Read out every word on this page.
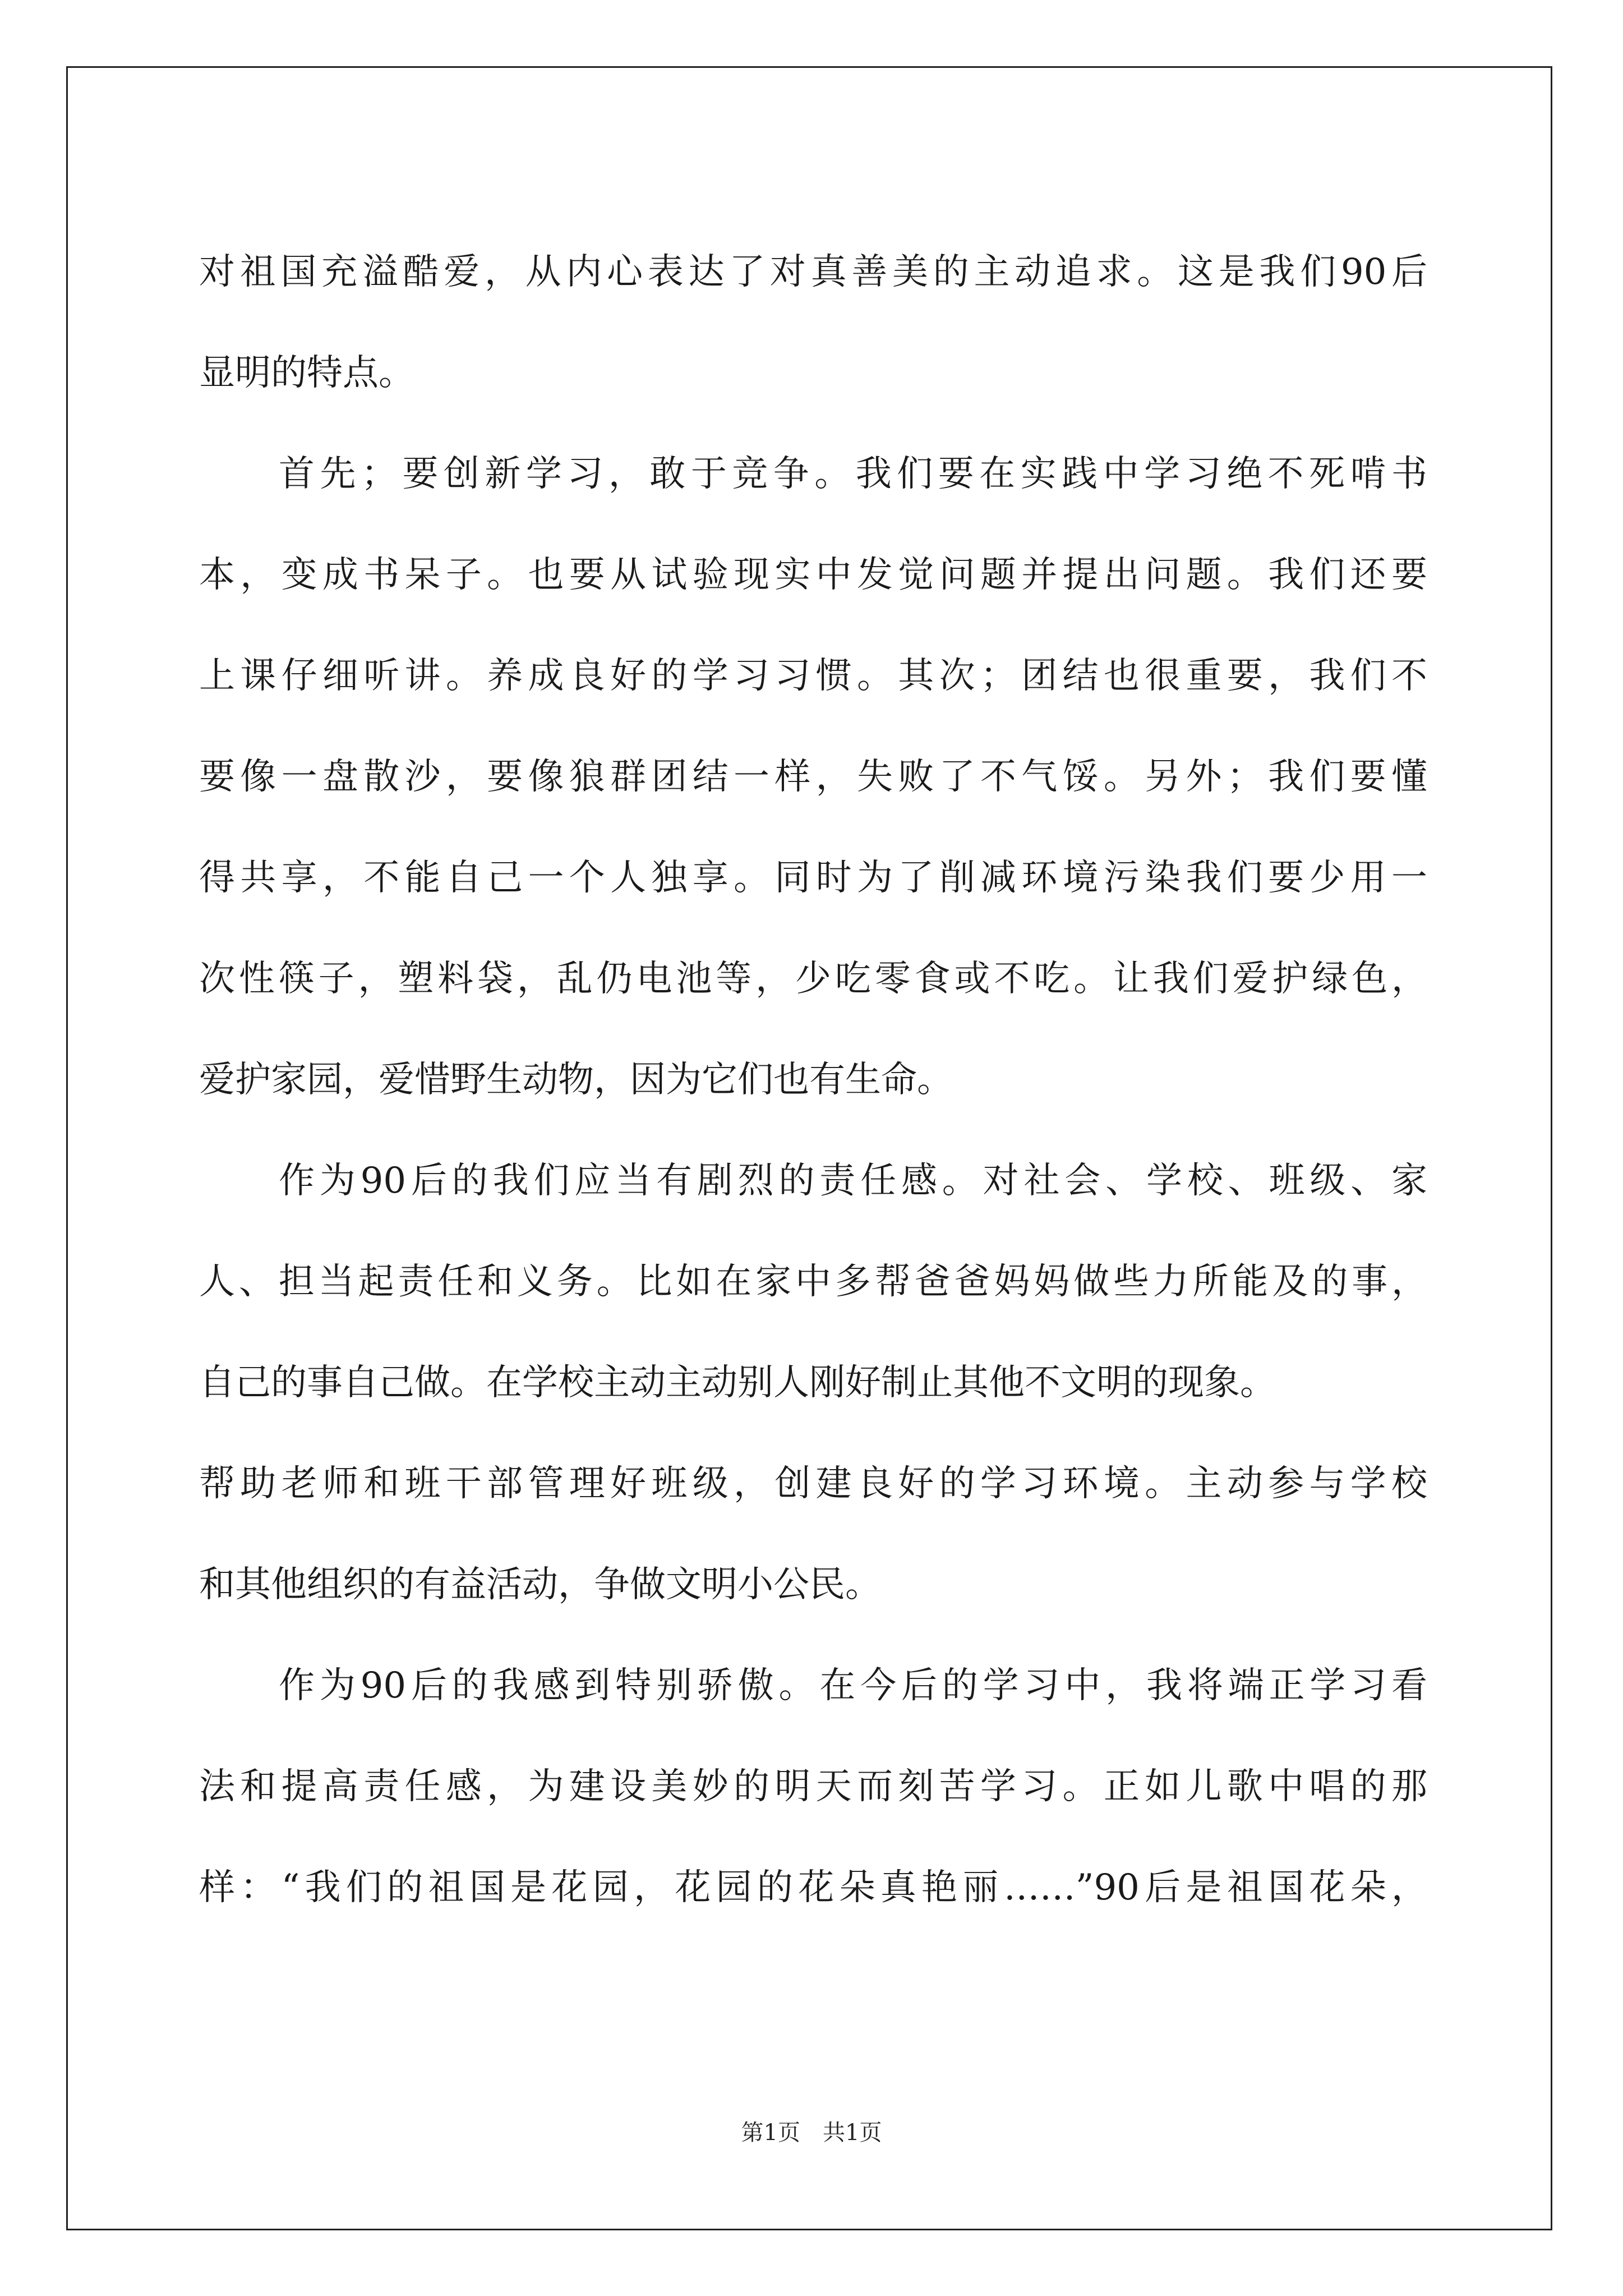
对祖国充溢酷爱，从内心表达了对真善美的主动追求。这是我们90后
显明的特点。
首先；要创新学习，敢于竞争。我们要在实践中学习绝不死啃书
本，变成书呆子。也要从试验现实中发觉问题并提出问题。我们还要
上课仔细听讲。养成良好的学习习惯。其次；团结也很重要，我们不
要像一盘散沙，要像狼群团结一样，失败了不气馁。另外；我们要懂
得共享，不能自己一个人独享。同时为了削减环境污染我们要少用一
次性筷子，塑料袋，乱仍电池等，少吃零食或不吃。让我们爱护绿色，
爱护家园，爱惜野生动物，因为它们也有生命。
作为90后的我们应当有剧烈的责任感。对社会、学校、班级、家
人、担当起责任和义务。比如在家中多帮爸爸妈妈做些力所能及的事，
自己的事自己做。在学校主动主动别人刚好制止其他不文明的现象。
帮助老师和班干部管理好班级，创建良好的学习环境。主动参与学校
和其他组织的有益活动，争做文明小公民。
作为90后的我感到特别骄傲。在今后的学习中，我将端正学习看
法和提高责任感，为建设美妙的明天而刻苦学习。正如儿歌中唱的那
样：“我们的祖国是花园，花园的花朵真艳丽……”90后是祖国花朵，
第1页　共1页
